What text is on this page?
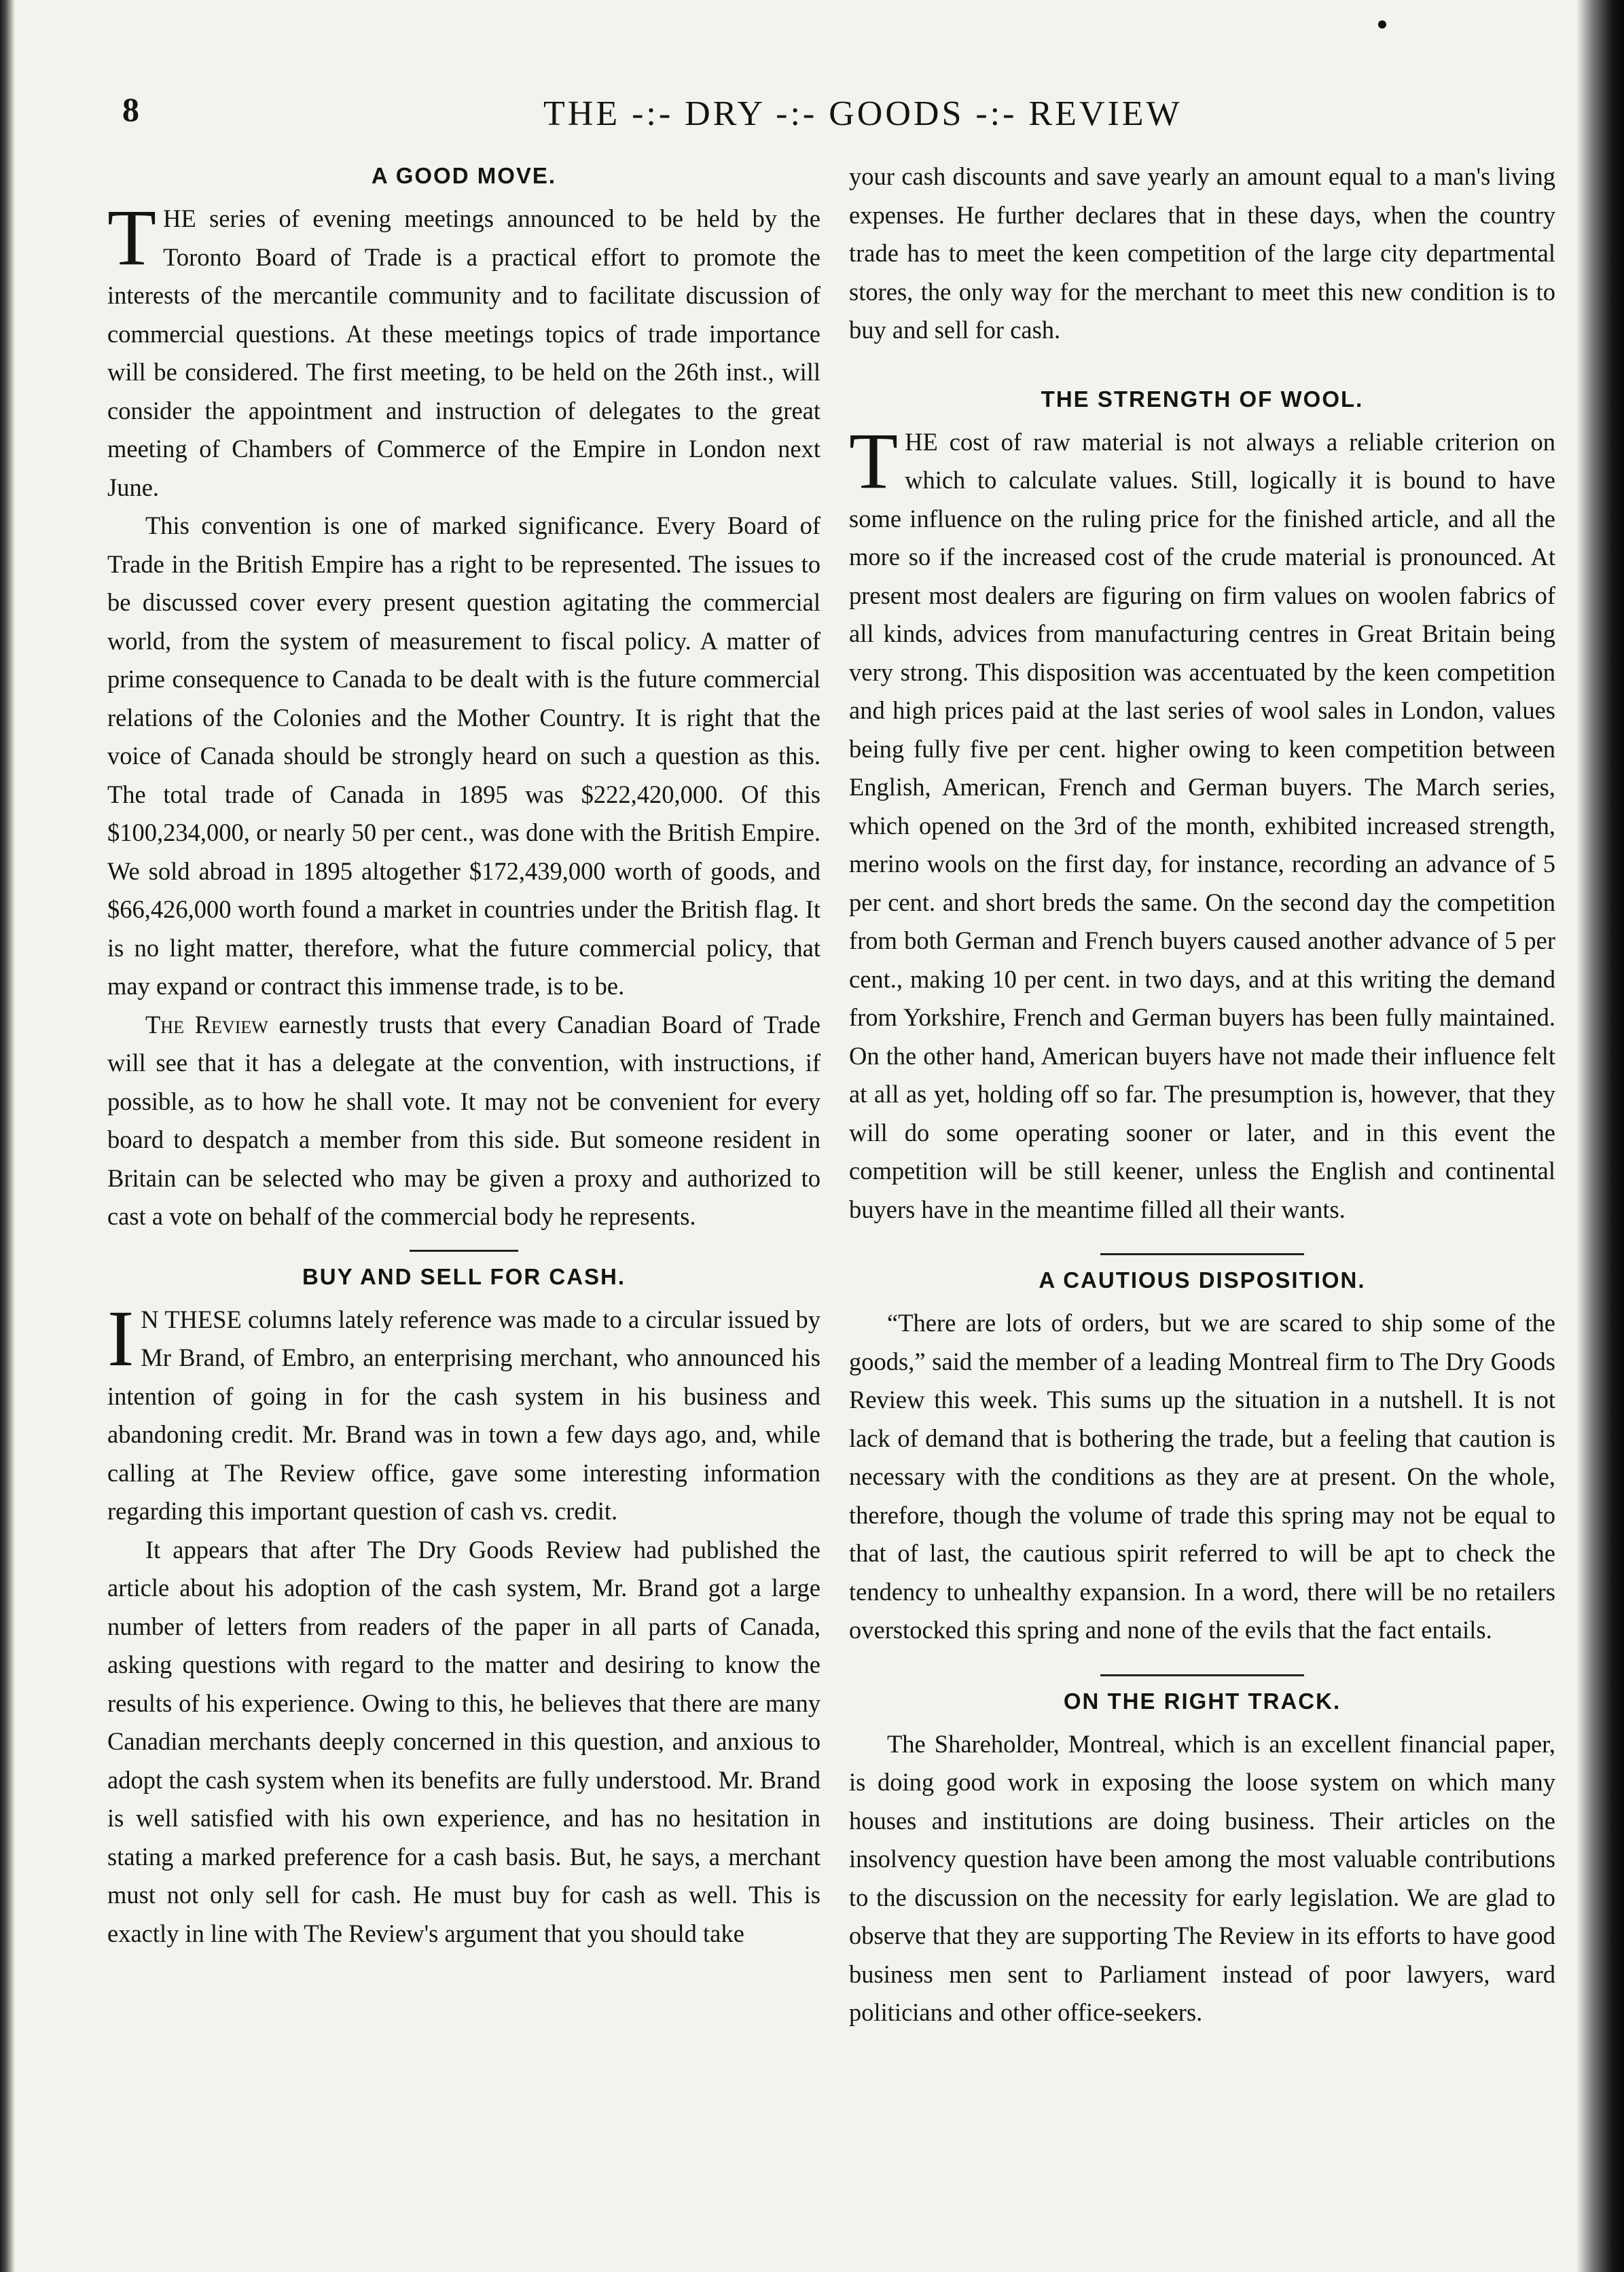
8	THE -:- DRY -:- GOODS -:- REVIEW
A GOOD MOVE.

THE series of evening meetings announced to be held by the Toronto Board of Trade is a practical effort to promote the interests of the mercantile community and to facilitate discussion of commercial questions. At these meetings topics of trade importance will be considered. The first meeting, to be held on the 26th inst., will consider the appointment and instruction of delegates to the great meeting of Chambers of Commerce of the Empire in London next June.

This convention is one of marked significance. Every Board of Trade in the British Empire has a right to be represented. The issues to be discussed cover every present question agitating the commercial world, from the system of measurement to fiscal policy. A matter of prime consequence to Canada to be dealt with is the future commercial relations of the Colonies and the Mother Country. It is right that the voice of Canada should be strongly heard on such a question as this. The total trade of Canada in 1895 was $222,420,000. Of this $100,234,000, or nearly 50 per cent., was done with the British Empire. We sold abroad in 1895 altogether $172,439,000 worth of goods, and $66,426,000 worth found a market in countries under the British flag. It is no light matter, therefore, what the future commercial policy, that may expand or contract this immense trade, is to be.

The Review earnestly trusts that every Canadian Board of Trade will see that it has a delegate at the convention, with instructions, if possible, as to how he shall vote. It may not be convenient for every board to despatch a member from this side. But someone resident in Britain can be selected who may be given a proxy and authorized to cast a vote on behalf of the commercial body he represents.

BUY AND SELL FOR CASH.

I N THESE columns lately reference was made to a circular issued by Mr Brand, of Embro, an enterprising merchant, who announced his intention of going in for the cash system in his business and abandoning credit. Mr. Brand was in town a few days ago, and, while calling at The Review office, gave some interesting information regarding this important question of cash vs. credit.

It appears that after The Dry Goods Review had published the article about his adoption of the cash system, Mr. Brand got a large number of letters from readers of the paper in all parts of Canada, asking questions with regard to the matter and desiring to know the results of his experience. Owing to this, he believes that there are many Canadian merchants deeply concerned in this question, and anxious to adopt the cash system when its benefits are fully understood. Mr. Brand is well satisfied with his own experience, and has no hesitation in stating a marked preference for a cash basis. But, he says, a merchant must not only sell for cash. He must buy for cash as well. This is exactly in line with The Review's argument that you should take

your cash discounts and save yearly an amount equal to a man's living expenses. He further declares that in these days, when the country trade has to meet the keen competition of the large city departmental stores, the only way for the merchant to meet this new condition is to buy and sell for cash.

THE STRENGTH OF WOOL.

THE cost of raw material is not always a reliable criterion on which to calculate values. Still, logically it is bound to have some influence on the ruling price for the finished article, and all the more so if the increased cost of the crude material is pronounced. At present most dealers are figuring on firm values on woolen fabrics of all kinds, advices from manufacturing centres in Great Britain being very strong. This disposition was accentuated by the keen competition and high prices paid at the last series of wool sales in London, values being fully five per cent. higher owing to keen competition between English, American, French and German buyers. The March series, which opened on the 3rd of the month, exhibited increased strength, merino wools on the first day, for instance, recording an advance of 5 per cent. and short breds the same. On the second day the competition from both German and French buyers caused another advance of 5 per cent., making 10 per cent. in two days, and at this writing the demand from Yorkshire, French and German buyers has been fully maintained. On the other hand, American buyers have not made their influence felt at all as yet, holding off so far. The presumption is, however, that they will do some operating sooner or later, and in this event the competition will be still keener, unless the English and continental buyers have in the meantime filled all their wants.

A CAUTIOUS DISPOSITION.

“There are lots of orders, but we are scared to ship some of the goods,” said the member of a leading Montreal firm to The Dry Goods Review this week. This sums up the situation in a nutshell. It is not lack of demand that is bothering the trade, but a feeling that caution is necessary with the conditions as they are at present. On the whole, therefore, though the volume of trade this spring may not be equal to that of last, the cautious spirit referred to will be apt to check the tendency to unhealthy expansion. In a word, there will be no retailers overstocked this spring and none of the evils that the fact entails.

ON THE RIGHT TRACK.

The Shareholder, Montreal, which is an excellent financial paper, is doing good work in exposing the loose system on which many houses and institutions are doing business. Their articles on the insolvency question have been among the most valuable contributions to the discussion on the necessity for early legislation. We are glad to observe that they are supporting The Review in its efforts to have good business men sent to Parliament instead of poor lawyers, ward politicians and other office-seekers.
